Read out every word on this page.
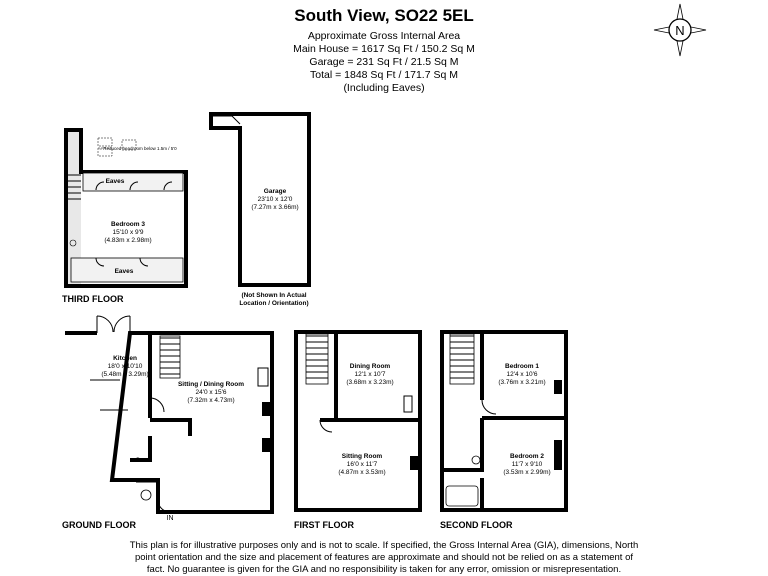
South View, SO22 5EL
Approximate Gross Internal Area
Main House = 1617 Sq Ft / 150.2 Sq M
Garage = 231 Sq Ft / 21.5 Sq M
Total = 1848 Sq Ft / 171.7 Sq M
(Including Eaves)
THIRD FLOOR
GROUND FLOOR	FIRST FLOOR	SECOND FLOOR
N
= Reduced headroom below 1.5m / 5'0
Eaves
Eaves
Bedroom 3
15'10 x 9'9
(4.83m x 2.98m)
Garage
23'10 x 12'0
(7.27m x 3.66m)
(Not Shown In Actual
Location / Orientation)
Kitchen
18'0 x 10'10
(5.48m x 3.29m)
Sitting / Dining Room
24'0 x 15'6
(7.32m x 4.73m)
Oven
IN
Dining Room
12'1 x 10'7
(3.68m x 3.23m)
Sitting Room
16'0 x 11'7
(4.87m x 3.53m)
Bedroom 1
12'4 x 10'6
(3.76m x 3.21m)
Bedroom 2
11'7 x 9'10
(3.53m x 2.99m)
This plan is for illustrative purposes only and is not to scale. If specified, the Gross Internal Area (GIA), dimensions, North
point orientation and the size and placement of features are approximate and should not be relied on as a statement of
fact. No guarantee is given for the GIA and no responsibility is taken for any error, omission or misrepresentation.
